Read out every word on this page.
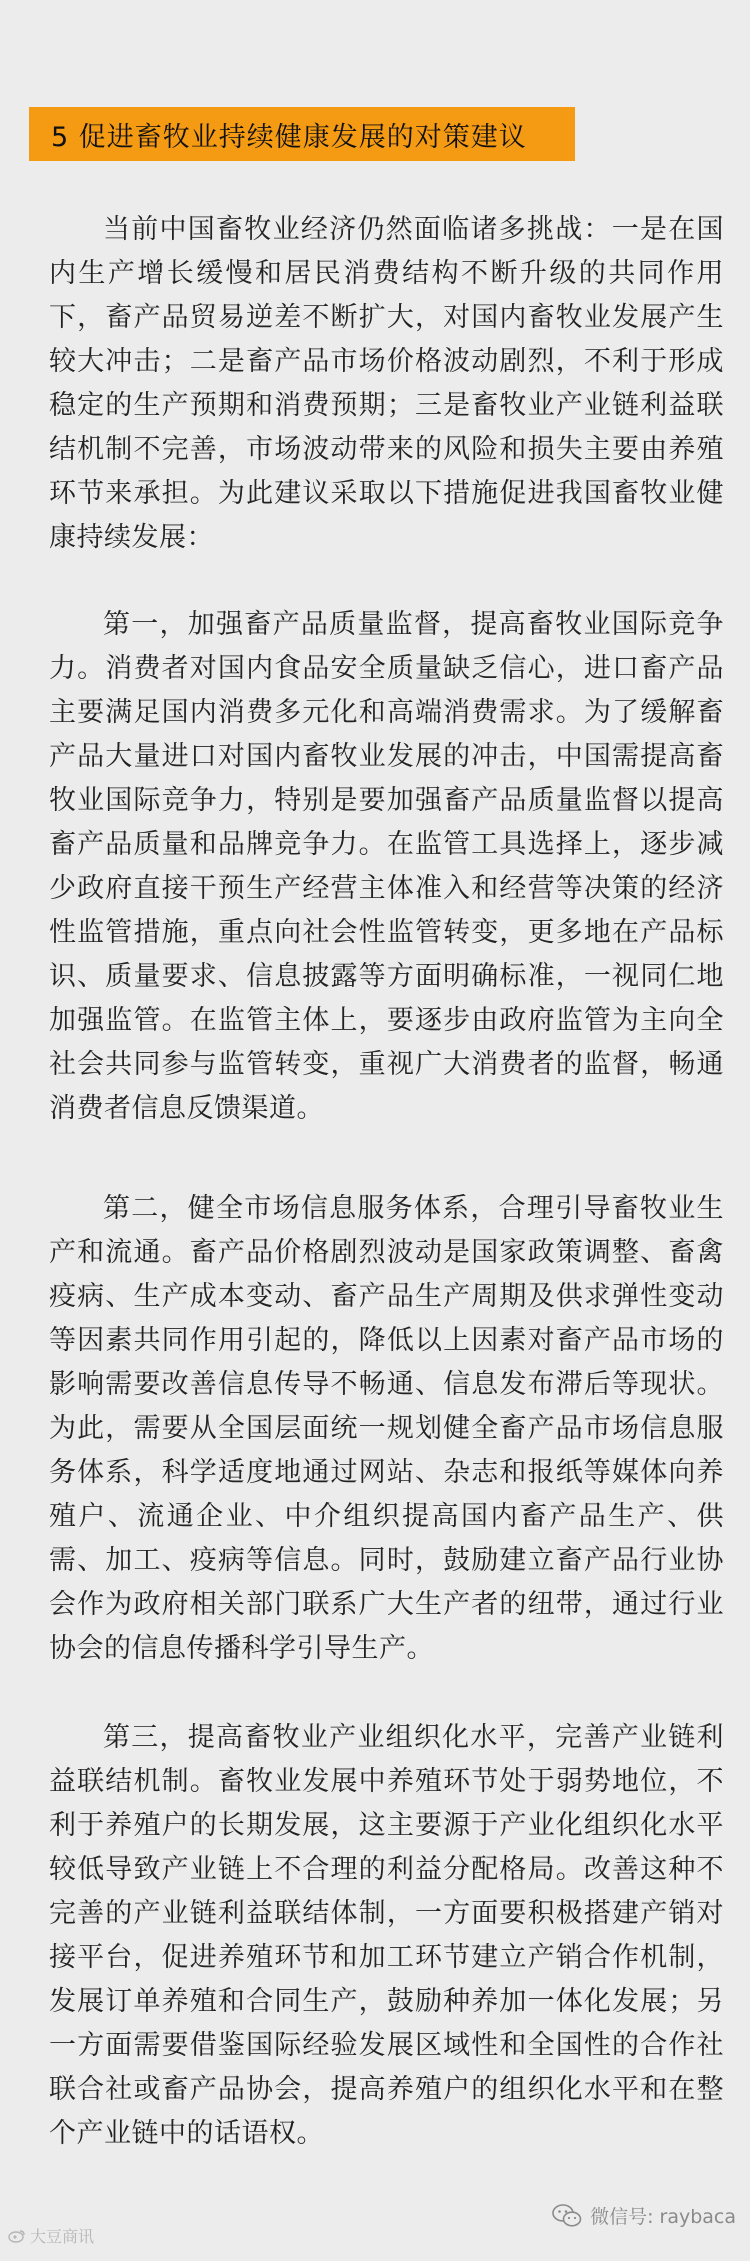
5 促进畜牧业持续健康发展的对策建议

当前中国畜牧业经济仍然面临诸多挑战：一是在国内生产增长缓慢和居民消费结构不断升级的共同作用下，畜产品贸易逆差不断扩大，对国内畜牧业发展产生较大冲击；二是畜产品市场价格波动剧烈，不利于形成稳定的生产预期和消费预期；三是畜牧业产业链利益联结机制不完善，市场波动带来的风险和损失主要由养殖环节来承担。为此建议采取以下措施促进我国畜牧业健康持续发展：

第一，加强畜产品质量监督，提高畜牧业国际竞争力。消费者对国内食品安全质量缺乏信心，进口畜产品主要满足国内消费多元化和高端消费需求。为了缓解畜产品大量进口对国内畜牧业发展的冲击，中国需提高畜牧业国际竞争力，特别是要加强畜产品质量监督以提高畜产品质量和品牌竞争力。在监管工具选择上，逐步减少政府直接干预生产经营主体准入和经营等决策的经济性监管措施，重点向社会性监管转变，更多地在产品标识、质量要求、信息披露等方面明确标准，一视同仁地加强监管。在监管主体上，要逐步由政府监管为主向全社会共同参与监管转变，重视广大消费者的监督，畅通消费者信息反馈渠道。

第二，健全市场信息服务体系，合理引导畜牧业生产和流通。畜产品价格剧烈波动是国家政策调整、畜禽疫病、生产成本变动、畜产品生产周期及供求弹性变动等因素共同作用引起的，降低以上因素对畜产品市场的影响需要改善信息传导不畅通、信息发布滞后等现状。为此，需要从全国层面统一规划健全畜产品市场信息服务体系，科学适度地通过网站、杂志和报纸等媒体向养殖户、流通企业、中介组织提高国内畜产品生产、供需、加工、疫病等信息。同时，鼓励建立畜产品行业协会作为政府相关部门联系广大生产者的纽带，通过行业协会的信息传播科学引导生产。

第三，提高畜牧业产业组织化水平，完善产业链利益联结机制。畜牧业发展中养殖环节处于弱势地位，不利于养殖户的长期发展，这主要源于产业化组织化水平较低导致产业链上不合理的利益分配格局。改善这种不完善的产业链利益联结体制，一方面要积极搭建产销对接平台，促进养殖环节和加工环节建立产销合作机制，发展订单养殖和合同生产，鼓励种养加一体化发展；另一方面需要借鉴国际经验发展区域性和全国性的合作社联合社或畜产品协会，提高养殖户的组织化水平和在整个产业链中的话语权。

大豆商讯
微信号: raybaca
